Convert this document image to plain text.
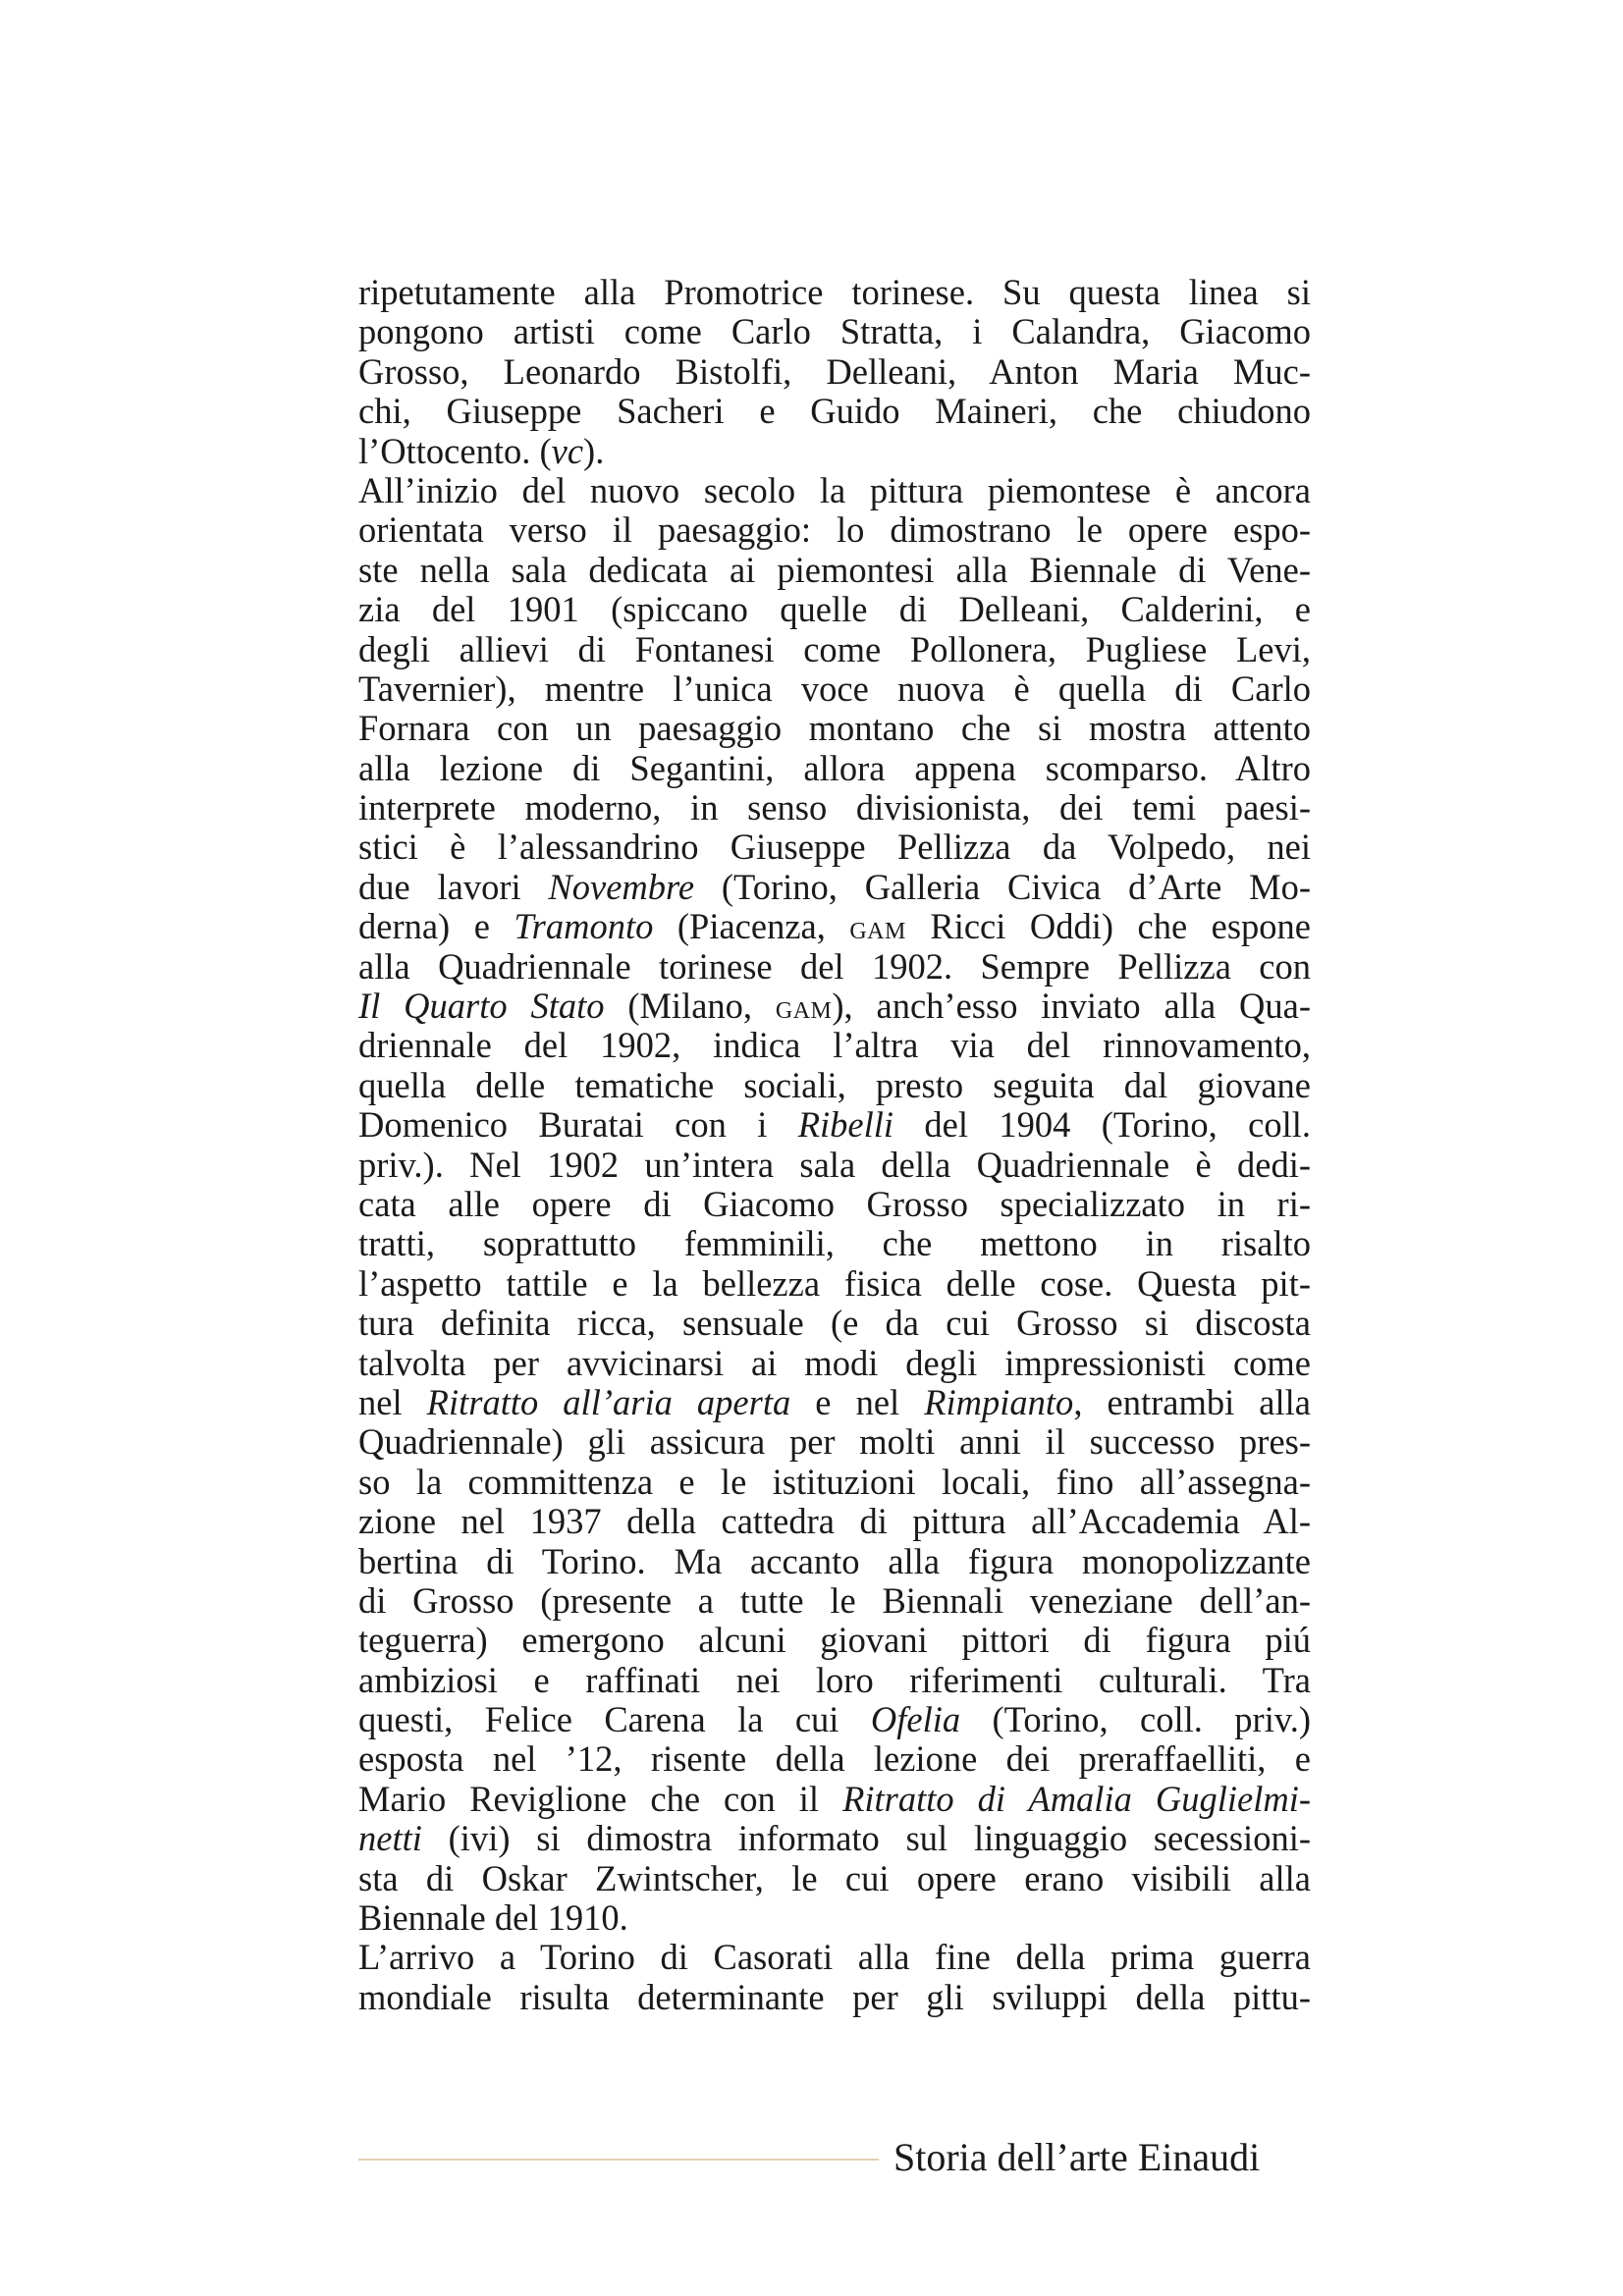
ripetutamente alla Promotrice torinese. Su questa linea si
pongono artisti come Carlo Stratta, i Calandra, Giacomo
Grosso, Leonardo Bistolfi, Delleani, Anton Maria Muc-
chi, Giuseppe Sacheri e Guido Maineri, che chiudono
l’Ottocento. (vc).
All’inizio del nuovo secolo la pittura piemontese è ancora
orientata verso il paesaggio: lo dimostrano le opere espo-
ste nella sala dedicata ai piemontesi alla Biennale di Vene-
zia del 1901 (spiccano quelle di Delleani, Calderini, e
degli allievi di Fontanesi come Pollonera, Pugliese Levi,
Tavernier), mentre l’unica voce nuova è quella di Carlo
Fornara con un paesaggio montano che si mostra attento
alla lezione di Segantini, allora appena scomparso. Altro
interprete moderno, in senso divisionista, dei temi paesi-
stici è l’alessandrino Giuseppe Pellizza da Volpedo, nei
due lavori Novembre (Torino, Galleria Civica d’Arte Mo-
derna) e Tramonto (Piacenza, gam Ricci Oddi) che espone
alla Quadriennale torinese del 1902. Sempre Pellizza con
Il Quarto Stato (Milano, gam), anch’esso inviato alla Qua-
driennale del 1902, indica l’altra via del rinnovamento,
quella delle tematiche sociali, presto seguita dal giovane
Domenico Buratai con i Ribelli del 1904 (Torino, coll.
priv.). Nel 1902 un’intera sala della Quadriennale è dedi-
cata alle opere di Giacomo Grosso specializzato in ri-
tratti, soprattutto femminili, che mettono in risalto
l’aspetto tattile e la bellezza fisica delle cose. Questa pit-
tura definita ricca, sensuale (e da cui Grosso si discosta
talvolta per avvicinarsi ai modi degli impressionisti come
nel Ritratto all’aria aperta e nel Rimpianto, entrambi alla
Quadriennale) gli assicura per molti anni il successo pres-
so la committenza e le istituzioni locali, fino all’assegna-
zione nel 1937 della cattedra di pittura all’Accademia Al-
bertina di Torino. Ma accanto alla figura monopolizzante
di Grosso (presente a tutte le Biennali veneziane dell’an-
teguerra) emergono alcuni giovani pittori di figura piú
ambiziosi e raffinati nei loro riferimenti culturali. Tra
questi, Felice Carena la cui Ofelia (Torino, coll. priv.)
esposta nel ’12, risente della lezione dei preraffaelliti, e
Mario Reviglione che con il Ritratto di Amalia Guglielmi-
netti (ivi) si dimostra informato sul linguaggio secessioni-
sta di Oskar Zwintscher, le cui opere erano visibili alla
Biennale del 1910.
L’arrivo a Torino di Casorati alla fine della prima guerra
mondiale risulta determinante per gli sviluppi della pittu-
Storia dell’arte Einaudi
